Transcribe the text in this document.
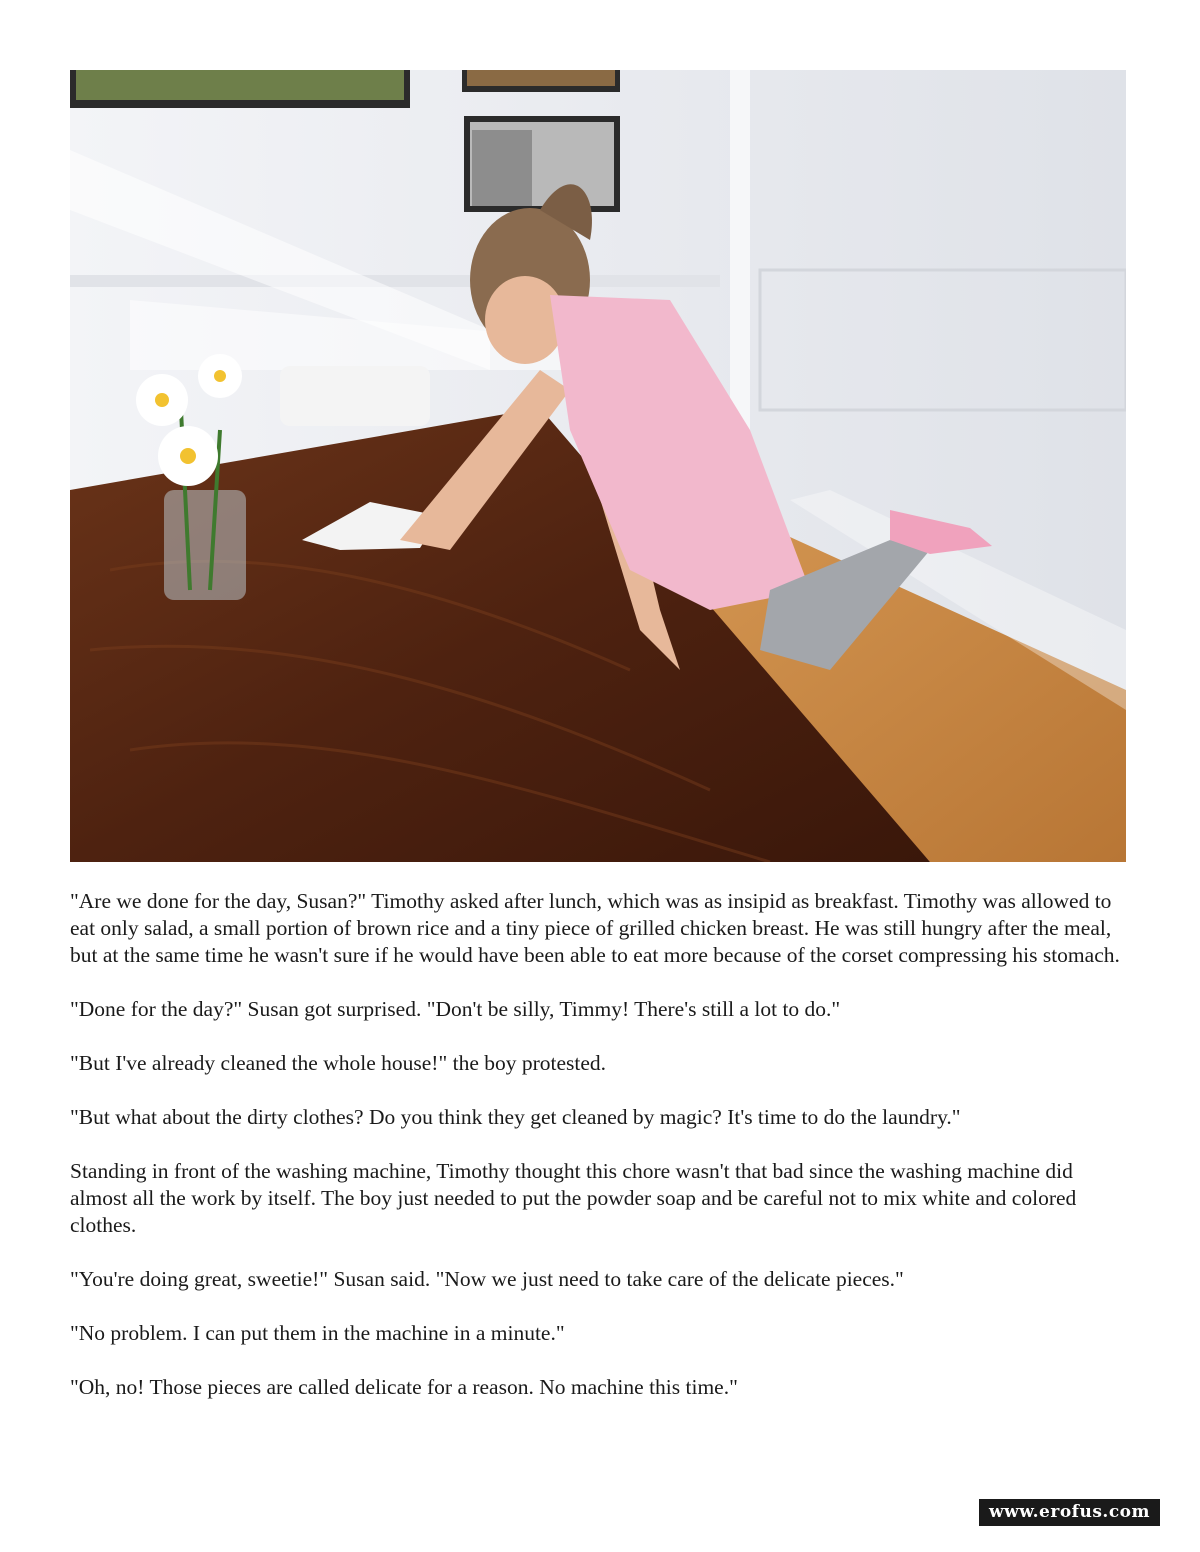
"Are we done for the day, Susan?" Timothy asked after lunch, which was as insipid as breakfast. Timothy was allowed to eat only salad, a small portion of brown rice and a tiny piece of grilled chicken breast. He was still hungry after the meal, but at the same time he wasn't sure if he would have been able to eat more because of the corset compressing his stomach.

"Done for the day?" Susan got surprised. "Don't be silly, Timmy! There's still a lot to do."

"But I've already cleaned the whole house!" the boy protested.

"But what about the dirty clothes? Do you think they get cleaned by magic? It's time to do the laundry."

Standing in front of the washing machine, Timothy thought this chore wasn't that bad since the washing machine did almost all the work by itself. The boy just needed to put the powder soap and be careful not to mix white and colored clothes.

"You're doing great, sweetie!" Susan said. "Now we just need to take care of the delicate pieces."

"No problem. I can put them in the machine in a minute."

"Oh, no! Those pieces are called delicate for a reason. No machine this time."

www.erofus.com
